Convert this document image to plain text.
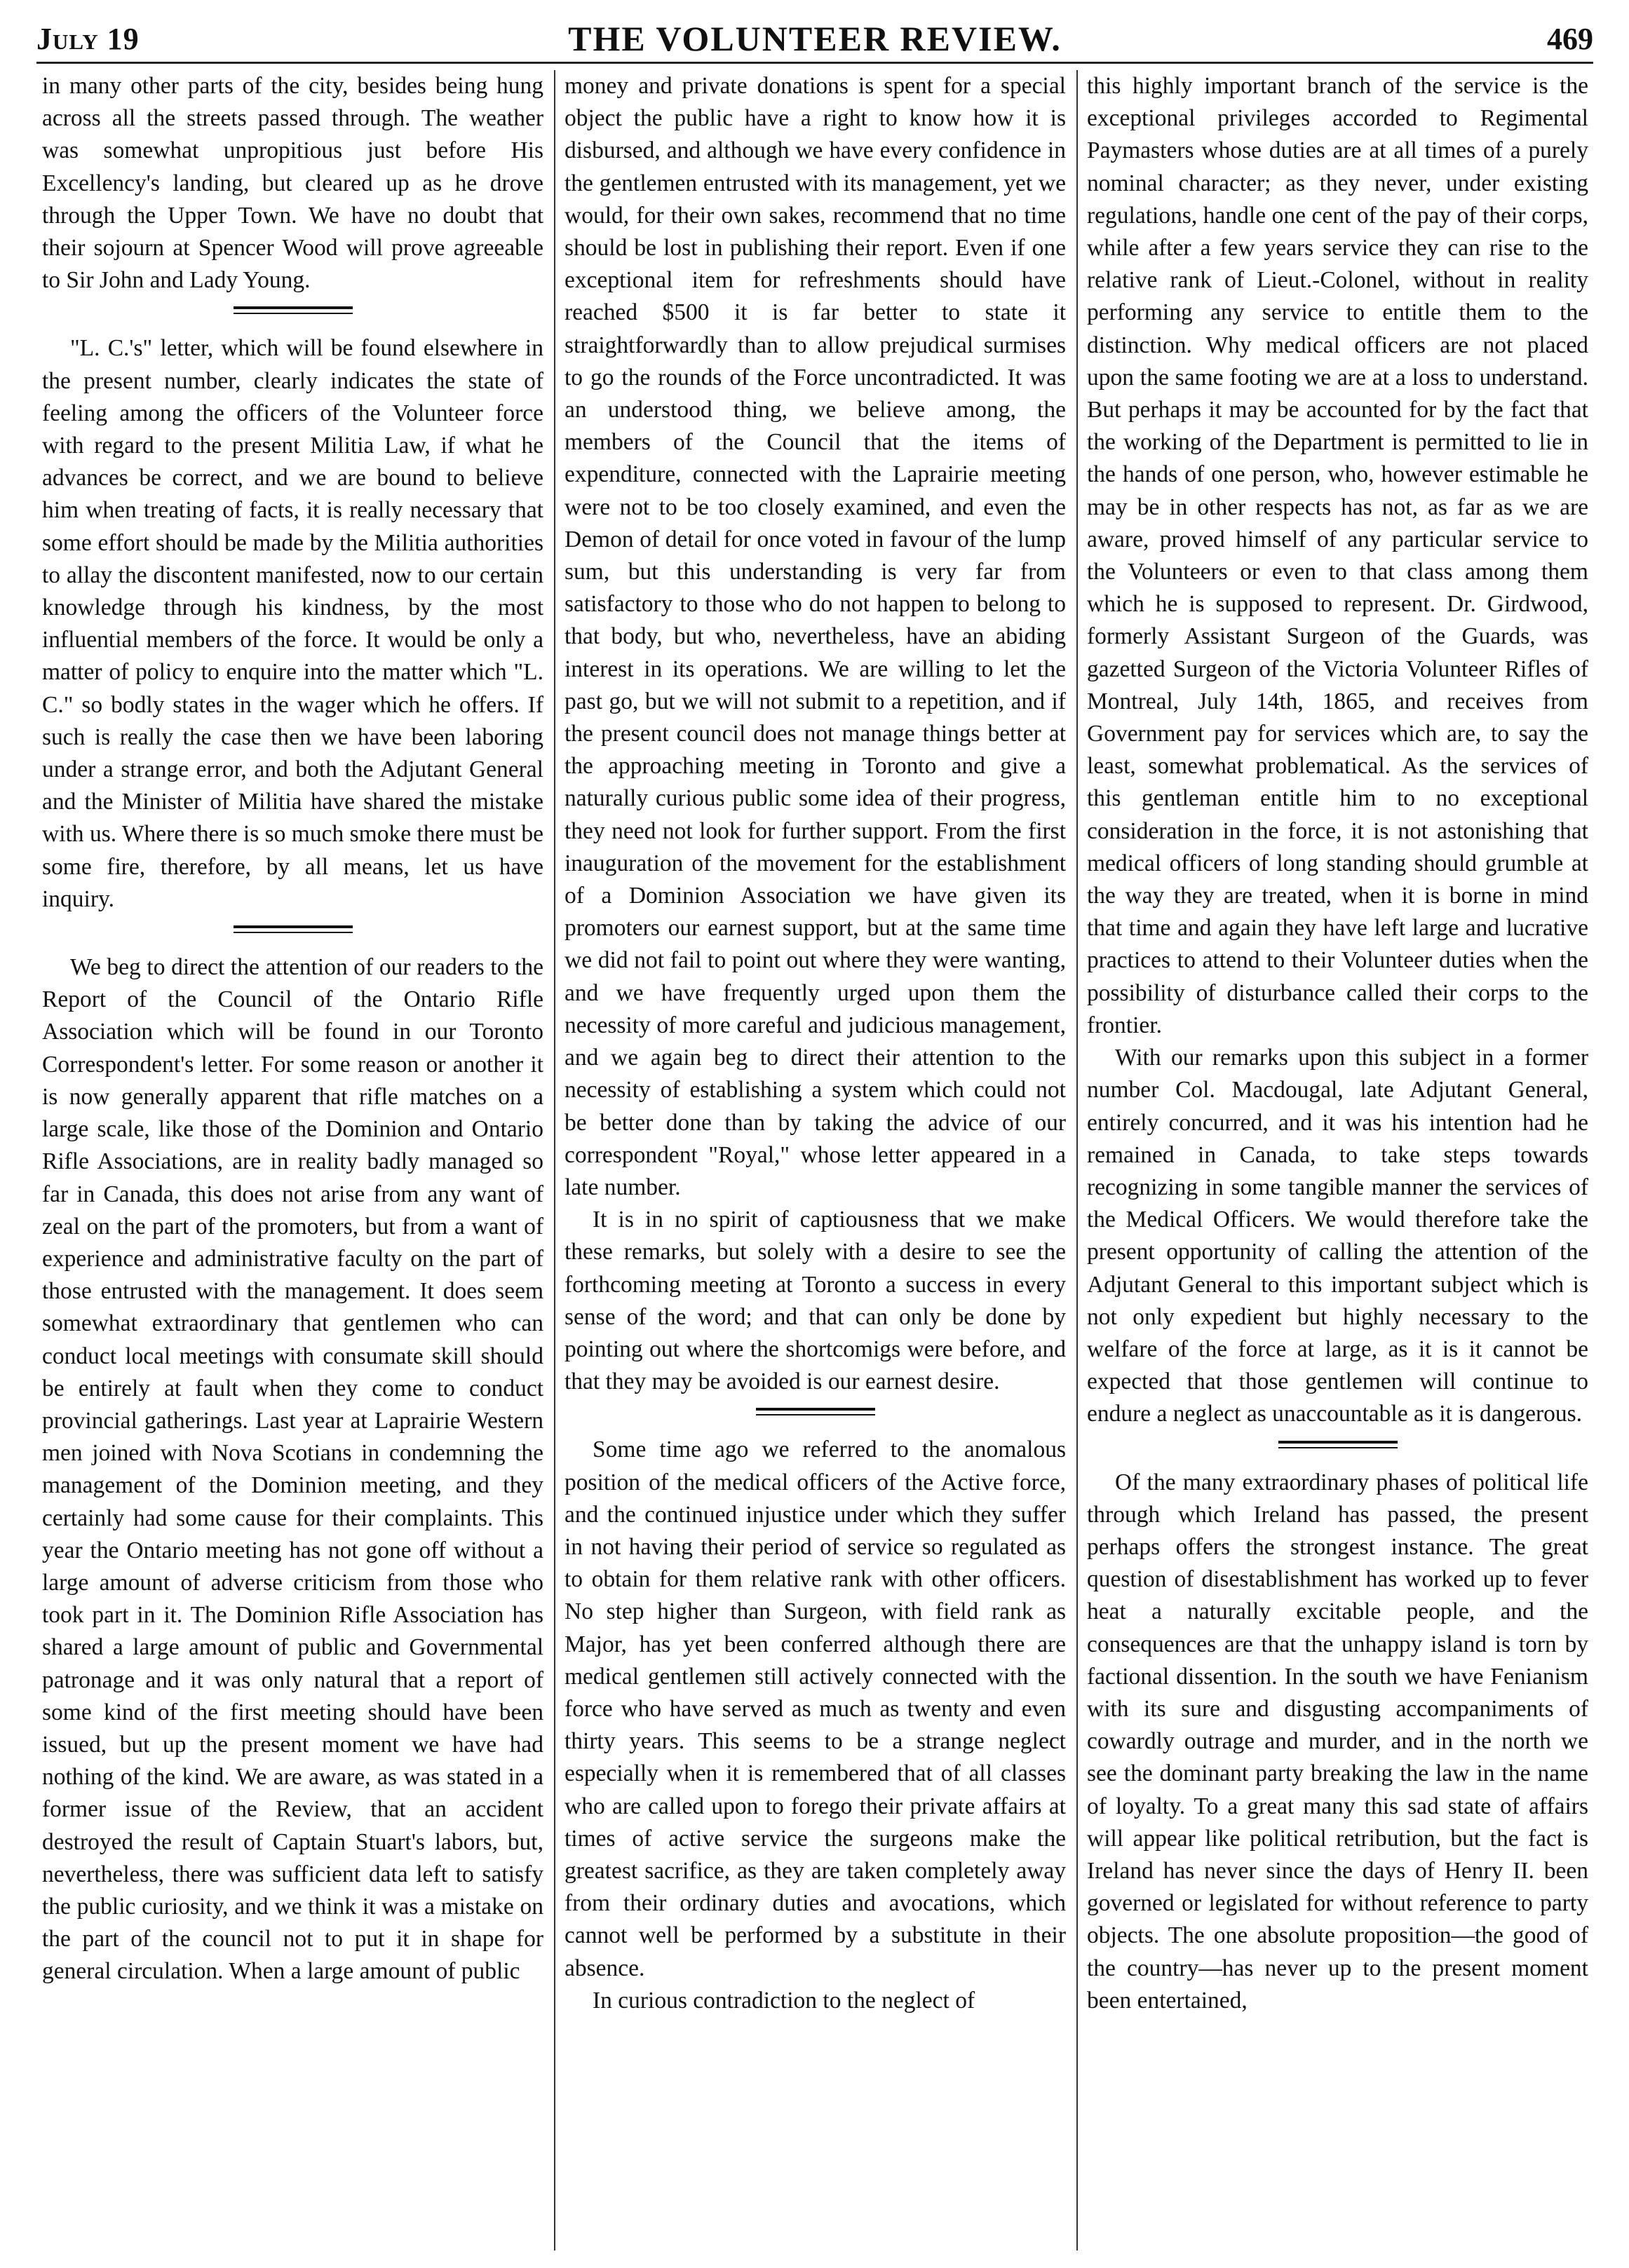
July 19	THE VOLUNTEER REVIEW.	469

in many other parts of the city, besides being hung across all the streets passed through. The weather was somewhat unpropitious just before His Excellency's landing, but cleared up as he drove through the Upper Town. We have no doubt that their sojourn at Spencer Wood will prove agreeable to Sir John and Lady Young.

"L. C.'s" letter, which will be found elsewhere in the present number, clearly indicates the state of feeling among the officers of the Volunteer force with regard to the present Militia Law, if what he advances be correct, and we are bound to believe him when treating of facts, it is really necessary that some effort should be made by the Militia authorities to allay the discontent manifested, now to our certain knowledge through his kindness, by the most influential members of the force. It would be only a matter of policy to enquire into the matter which "L. C." so bodly states in the wager which he offers. If such is really the case then we have been laboring under a strange error, and both the Adjutant General and the Minister of Militia have shared the mistake with us. Where there is so much smoke there must be some fire, therefore, by all means, let us have inquiry.

We beg to direct the attention of our readers to the Report of the Council of the Ontario Rifle Association which will be found in our Toronto Correspondent's letter. For some reason or another it is now generally apparent that rifle matches on a large scale, like those of the Dominion and Ontario Rifle Associations, are in reality badly managed so far in Canada, this does not arise from any want of zeal on the part of the promoters, but from a want of experience and administrative faculty on the part of those entrusted with the management. It does seem somewhat extraordinary that gentlemen who can conduct local meetings with consumate skill should be entirely at fault when they come to conduct provincial gatherings. Last year at Laprairie Western men joined with Nova Scotians in condemning the management of the Dominion meeting, and they certainly had some cause for their complaints. This year the Ontario meeting has not gone off without a large amount of adverse criticism from those who took part in it. The Dominion Rifle Association has shared a large amount of public and Governmental patronage and it was only natural that a report of some kind of the first meeting should have been issued, but up the present moment we have had nothing of the kind. We are aware, as was stated in a former issue of the Review, that an accident destroyed the result of Captain Stuart's labors, but, nevertheless, there was sufficient data left to satisfy the public curiosity, and we think it was a mistake on the part of the council not to put it in shape for general circulation. When a large amount of public

money and private donations is spent for a special object the public have a right to know how it is disbursed, and although we have every confidence in the gentlemen entrusted with its management, yet we would, for their own sakes, recommend that no time should be lost in publishing their report. Even if one exceptional item for refreshments should have reached $500 it is far better to state it straightforwardly than to allow prejudical surmises to go the rounds of the Force uncontradicted. It was an understood thing, we believe among, the members of the Council that the items of expenditure, connected with the Laprairie meeting were not to be too closely examined, and even the Demon of detail for once voted in favour of the lump sum, but this understanding is very far from satisfactory to those who do not happen to belong to that body, but who, nevertheless, have an abiding interest in its operations. We are willing to let the past go, but we will not submit to a repetition, and if the present council does not manage things better at the approaching meeting in Toronto and give a naturally curious public some idea of their progress, they need not look for further support. From the first inauguration of the movement for the establishment of a Dominion Association we have given its promoters our earnest support, but at the same time we did not fail to point out where they were wanting, and we have frequently urged upon them the necessity of more careful and judicious management, and we again beg to direct their attention to the necessity of establishing a system which could not be better done than by taking the advice of our correspondent "Royal," whose letter appeared in a late number.

It is in no spirit of captiousness that we make these remarks, but solely with a desire to see the forthcoming meeting at Toronto a success in every sense of the word; and that can only be done by pointing out where the shortcomigs were before, and that they may be avoided is our earnest desire.

Some time ago we referred to the anomalous position of the medical officers of the Active force, and the continued injustice under which they suffer in not having their period of service so regulated as to obtain for them relative rank with other officers. No step higher than Surgeon, with field rank as Major, has yet been conferred although there are medical gentlemen still actively connected with the force who have served as much as twenty and even thirty years. This seems to be a strange neglect especially when it is remembered that of all classes who are called upon to forego their private affairs at times of active service the surgeons make the greatest sacrifice, as they are taken completely away from their ordinary duties and avocations, which cannot well be performed by a substitute in their absence.

In curious contradiction to the neglect of

this highly important branch of the service is the exceptional privileges accorded to Regimental Paymasters whose duties are at all times of a purely nominal character; as they never, under existing regulations, handle one cent of the pay of their corps, while after a few years service they can rise to the relative rank of Lieut.-Colonel, without in reality performing any service to entitle them to the distinction. Why medical officers are not placed upon the same footing we are at a loss to understand. But perhaps it may be accounted for by the fact that the working of the Department is permitted to lie in the hands of one person, who, however estimable he may be in other respects has not, as far as we are aware, proved himself of any particular service to the Volunteers or even to that class among them which he is supposed to represent. Dr. Girdwood, formerly Assistant Surgeon of the Guards, was gazetted Surgeon of the Victoria Volunteer Rifles of Montreal, July 14th, 1865, and receives from Government pay for services which are, to say the least, somewhat problematical. As the services of this gentleman entitle him to no exceptional consideration in the force, it is not astonishing that medical officers of long standing should grumble at the way they are treated, when it is borne in mind that time and again they have left large and lucrative practices to attend to their Volunteer duties when the possibility of disturbance called their corps to the frontier.

With our remarks upon this subject in a former number Col. Macdougal, late Adjutant General, entirely concurred, and it was his intention had he remained in Canada, to take steps towards recognizing in some tangible manner the services of the Medical Officers. We would therefore take the present opportunity of calling the attention of the Adjutant General to this important subject which is not only expedient but highly necessary to the welfare of the force at large, as it is it cannot be expected that those gentlemen will continue to endure a neglect as unaccountable as it is dangerous.

Of the many extraordinary phases of political life through which Ireland has passed, the present perhaps offers the strongest instance. The great question of disestablishment has worked up to fever heat a naturally excitable people, and the consequences are that the unhappy island is torn by factional dissention. In the south we have Fenianism with its sure and disgusting accompaniments of cowardly outrage and murder, and in the north we see the dominant party breaking the law in the name of loyalty. To a great many this sad state of affairs will appear like political retribution, but the fact is Ireland has never since the days of Henry II. been governed or legislated for without reference to party objects. The one absolute proposition—the good of the country—has never up to the present moment been entertained,
